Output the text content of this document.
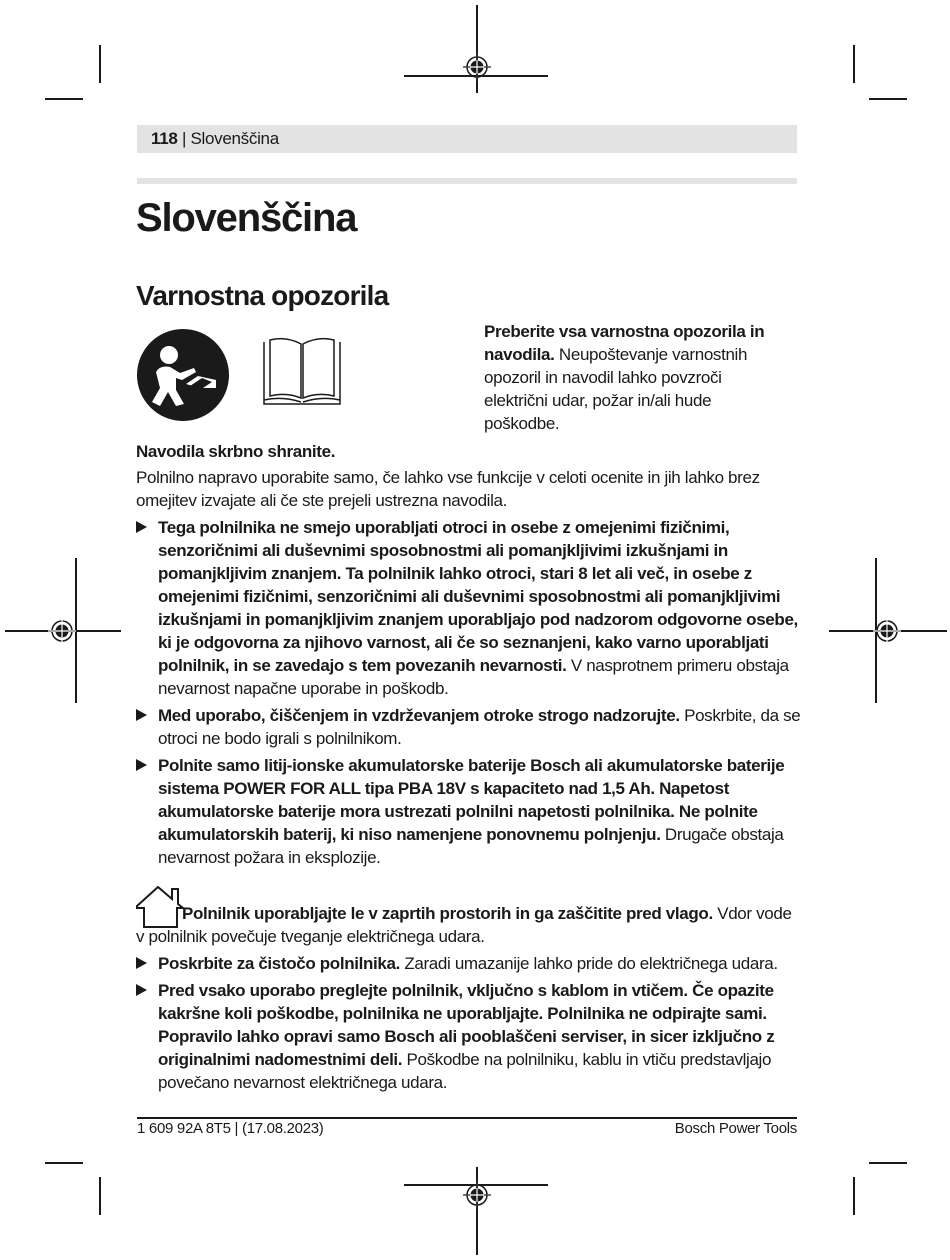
118 | Slovenščina
Slovenščina
Varnostna opozorila
Preberite vsa varnostna opozorila in navodila. Neupoštevanje varnostnih opozoril in navodil lahko povzroči električni udar, požar in/ali hude poškodbe.
Navodila skrbno shranite.
Polnilno napravo uporabite samo, če lahko vse funkcije v celoti ocenite in jih lahko brez omejitev izvajate ali če ste prejeli ustrezna navodila.
Tega polnilnika ne smejo uporabljati otroci in osebe z omejenimi fizičnimi, senzoričnimi ali duševnimi sposobnostmi ali pomanjkljivimi izkušnjami in pomanjkljivim znanjem. Ta polnilnik lahko otroci, stari 8 let ali več, in osebe z omejenimi fizičnimi, senzoričnimi ali duševnimi sposobnostmi ali pomanjkljivimi izkušnjami in pomanjkljivim znanjem uporabljajo pod nadzorom odgovorne osebe, ki je odgovorna za njihovo varnost, ali če so seznanjeni, kako varno uporabljati polnilnik, in se zavedajo s tem povezanih nevarnosti. V nasprotnem primeru obstaja nevarnost napačne uporabe in poškodb.
Med uporabo, čiščenjem in vzdrževanjem otroke strogo nadzorujte. Poskrbite, da se otroci ne bodo igrali s polnilnikom.
Polnite samo litij-ionske akumulatorske baterije Bosch ali akumulatorske baterije sistema POWER FOR ALL tipa PBA 18V s kapaciteto nad 1,5 Ah. Napetost akumulatorske baterije mora ustrezati polnilni napetosti polnilnika. Ne polnite akumulatorskih baterij, ki niso namenjene ponovnemu polnjenju. Drugače obstaja nevarnost požara in eksplozije.
Polnilnik uporabljajte le v zaprtih prostorih in ga zaščitite pred vlago. Vdor vode v polnilnik povečuje tveganje električnega udara.
Poskrbite za čistočo polnilnika. Zaradi umazanije lahko pride do električnega udara.
Pred vsako uporabo preglejte polnilnik, vključno s kablom in vtičem. Če opazite kakršne koli poškodbe, polnilnika ne uporabljajte. Polnilnika ne odpirajte sami. Popravilo lahko opravi samo Bosch ali pooblaščeni serviser, in sicer izključno z originalnimi nadomestnimi deli. Poškodbe na polnilniku, kablu in vtiču predstavljajo povečano nevarnost električnega udara.
1 609 92A 8T5 | (17.08.2023)	Bosch Power Tools
